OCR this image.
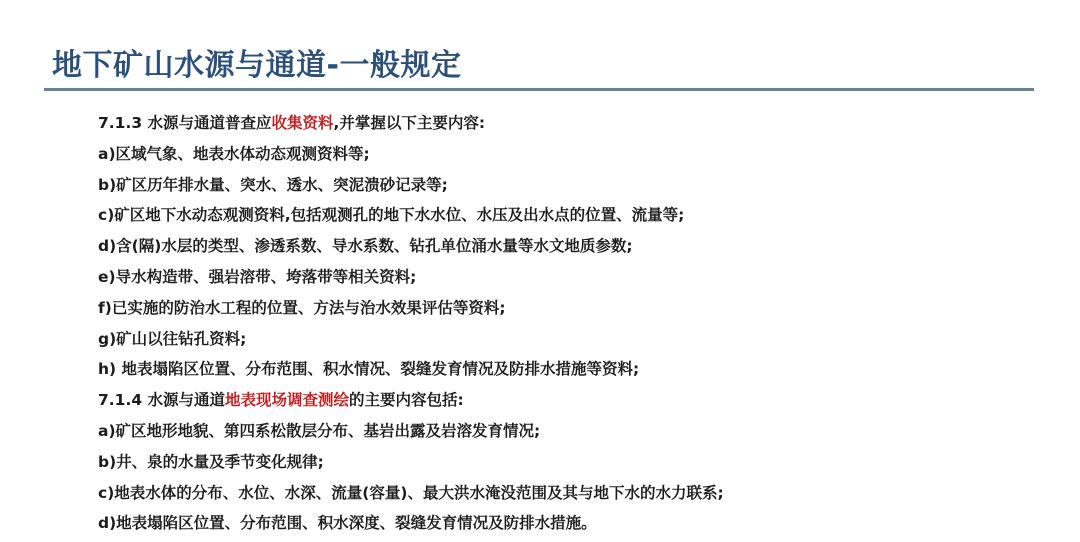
地下矿山水源与通道-一般规定
7.1.3 水源与通道普查应收集资料,并掌握以下主要内容:
a)区域气象、地表水体动态观测资料等;
b)矿区历年排水量、突水、透水、突泥溃砂记录等;
c)矿区地下水动态观测资料,包括观测孔的地下水水位、水压及出水点的位置、流量等;
d)含(隔)水层的类型、渗透系数、导水系数、钻孔单位涌水量等水文地质参数;
e)导水构造带、强岩溶带、垮落带等相关资料;
f)已实施的防治水工程的位置、方法与治水效果评估等资料;
g)矿山以往钻孔资料;
h) 地表塌陷区位置、分布范围、积水情况、裂缝发育情况及防排水措施等资料;
7.1.4 水源与通道地表现场调查测绘的主要内容包括:
a)矿区地形地貌、第四系松散层分布、基岩出露及岩溶发育情况;
b)井、泉的水量及季节变化规律;
c)地表水体的分布、水位、水深、流量(容量)、最大洪水淹没范围及其与地下水的水力联系;
d)地表塌陷区位置、分布范围、积水深度、裂缝发育情况及防排水措施。
